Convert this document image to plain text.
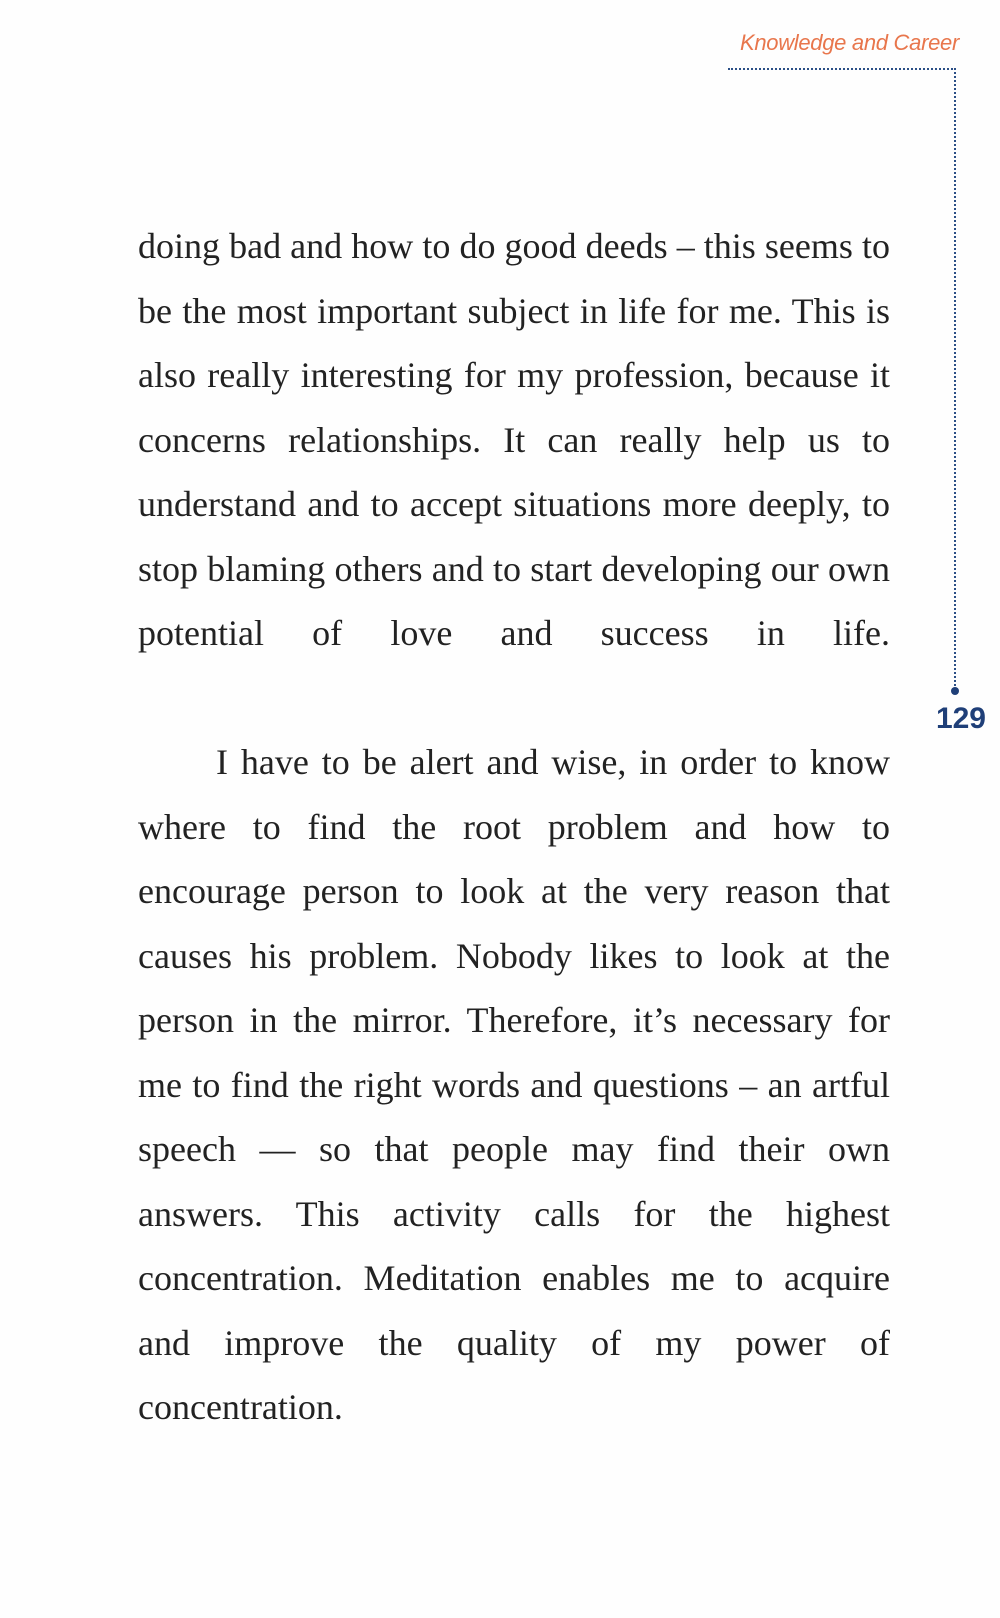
Knowledge and Career
129

doing bad and how to do good deeds – this seems to be the most important subject in life for me. This is also really interesting for my profession, because it concerns relationships. It can really help us to understand and to accept situations more deeply, to stop blaming others and to start developing our own potential of love and success in life.

I have to be alert and wise, in order to know where to find the root problem and how to encourage person to look at the very reason that causes his problem. Nobody likes to look at the person in the mirror. Therefore, it’s necessary for me to find the right words and questions – an artful speech — so that people may find their own answers. This activity calls for the highest concentration. Meditation enables me to acquire and improve the quality of my power of concentration.
